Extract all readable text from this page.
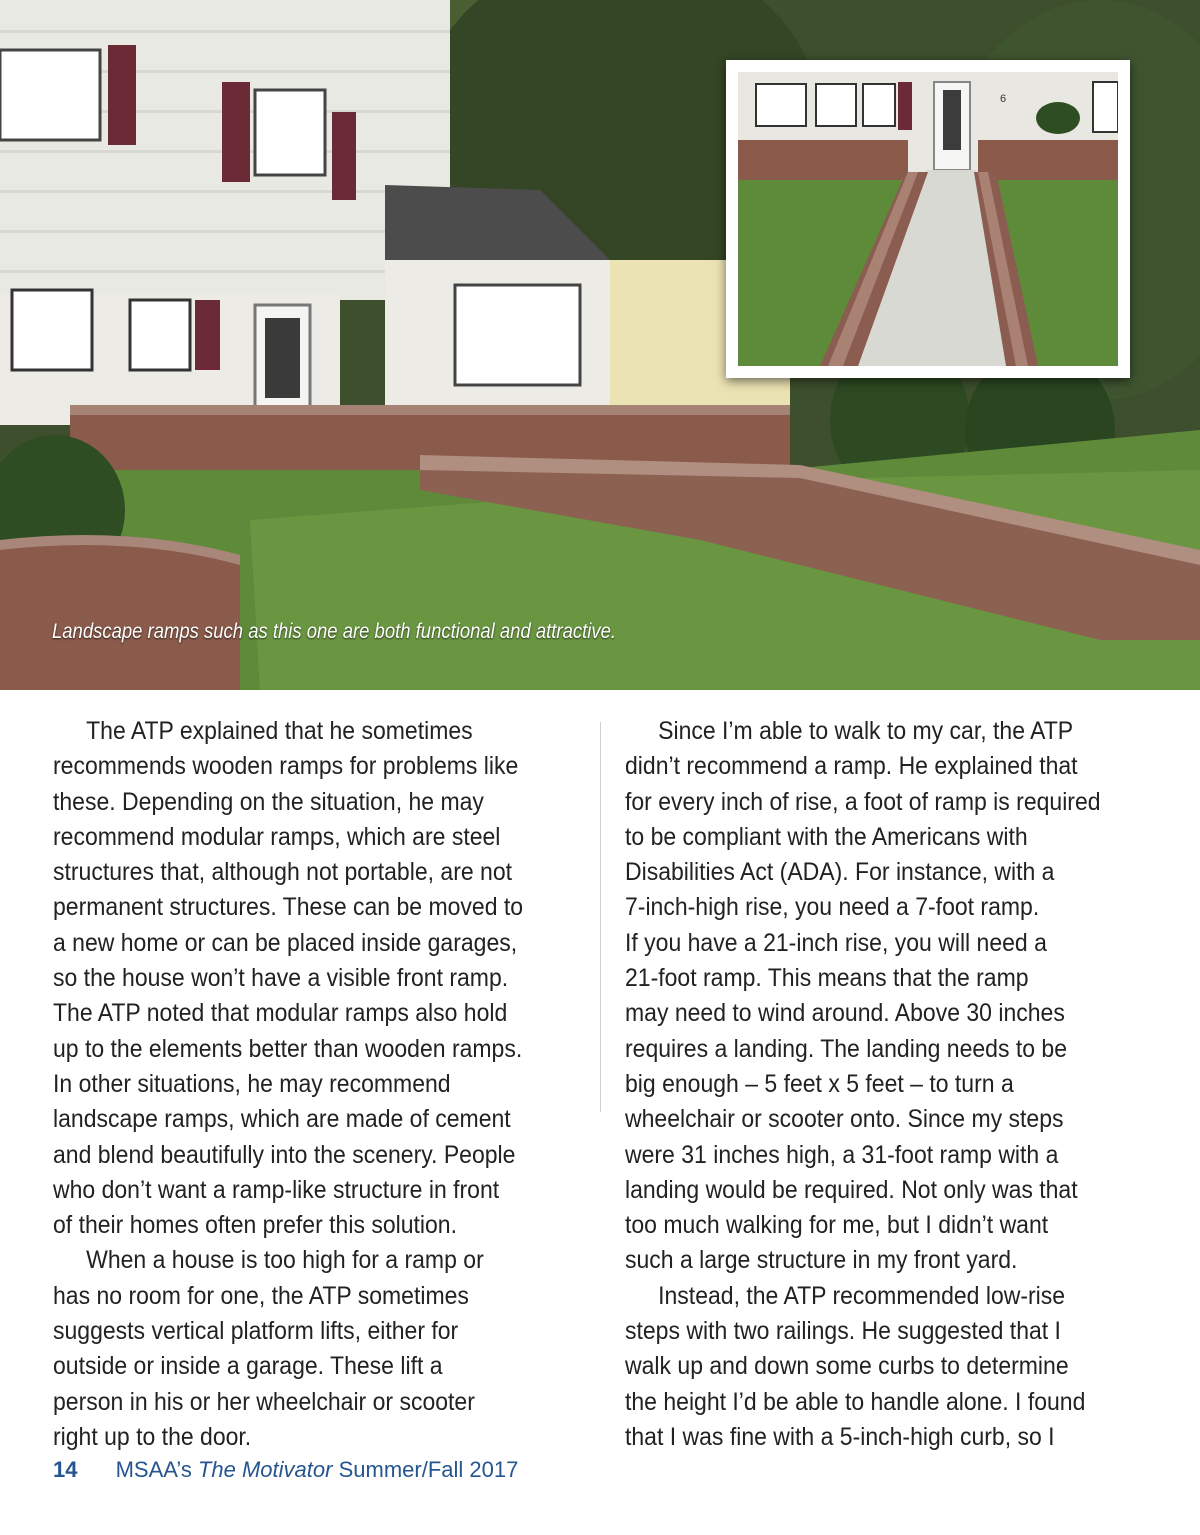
Landscape ramps such as this one are both functional and attractive.
6

The ATP explained that he sometimes
recommends wooden ramps for problems like
these. Depending on the situation, he may
recommend modular ramps, which are steel
structures that, although not portable, are not
permanent structures. These can be moved to
a new home or can be placed inside garages,
so the house won’t have a visible front ramp.
The ATP noted that modular ramps also hold
up to the elements better than wooden ramps.
In other situations, he may recommend
landscape ramps, which are made of cement
and blend beautifully into the scenery. People
who don’t want a ramp-like structure in front
of their homes often prefer this solution.

When a house is too high for a ramp or
has no room for one, the ATP sometimes
suggests vertical platform lifts, either for
outside or inside a garage. These lift a
person in his or her wheelchair or scooter
right up to the door.

Since I’m able to walk to my car, the ATP
didn’t recommend a ramp. He explained that
for every inch of rise, a foot of ramp is required
to be compliant with the Americans with
Disabilities Act (ADA). For instance, with a
7-inch-high rise, you need a 7-foot ramp.
If you have a 21-inch rise, you will need a
21-foot ramp. This means that the ramp
may need to wind around. Above 30 inches
requires a landing. The landing needs to be
big enough – 5 feet x 5 feet – to turn a
wheelchair or scooter onto. Since my steps
were 31 inches high, a 31-foot ramp with a
landing would be required. Not only was that
too much walking for me, but I didn’t want
such a large structure in my front yard.

Instead, the ATP recommended low-rise
steps with two railings. He suggested that I
walk up and down some curbs to determine
the height I’d be able to handle alone. I found
that I was fine with a 5-inch-high curb, so I

14 MSAA’s The Motivator Summer/Fall 2017
